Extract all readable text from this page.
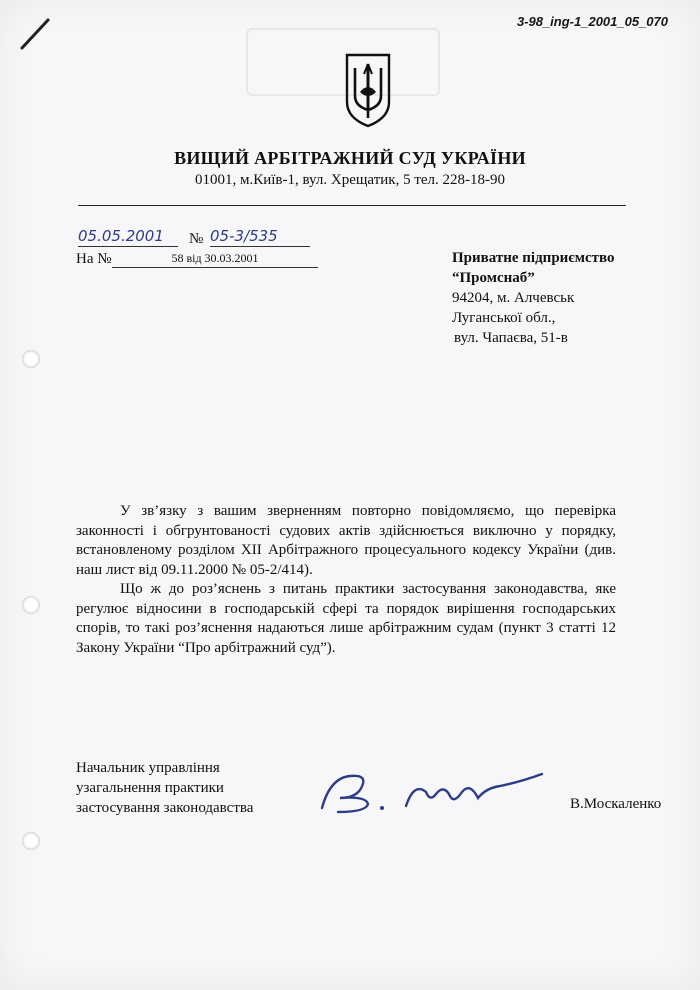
3-98_ing-1_2001_05_070
ВИЩИЙ АРБІТРАЖНИЙ СУД УКРАЇНИ
01001, м.Київ-1, вул. Хрещатик, 5 тел. 228-18-90
05.05.2001	№ 05-3/535
На №	58 від 30.03.2001	Приватне підприємство
“Промснаб”
94204, м. Алчевськ
Луганської обл.,
вул. Чапаєва, 51-в

У зв’язку з вашим зверненням повторно повідомляємо, що перевірка законності і обгрунтованості судових актів здійснюється виключно у порядку, встановленому розділом XII Арбітражного процесуального кодексу України (див. наш лист від 09.11.2000 № 05-2/414).

Що ж до роз’яснень з питань практики застосування законодавства, яке регулює відносини в господарській сфері та порядок вирішення господарських спорів, то такі роз’яснення надаються лише арбітражним судам (пункт 3 статті 12 Закону України “Про арбітражний суд”).

Начальник управління
узагальнення практики
застосування законодавства	В.Москаленко
